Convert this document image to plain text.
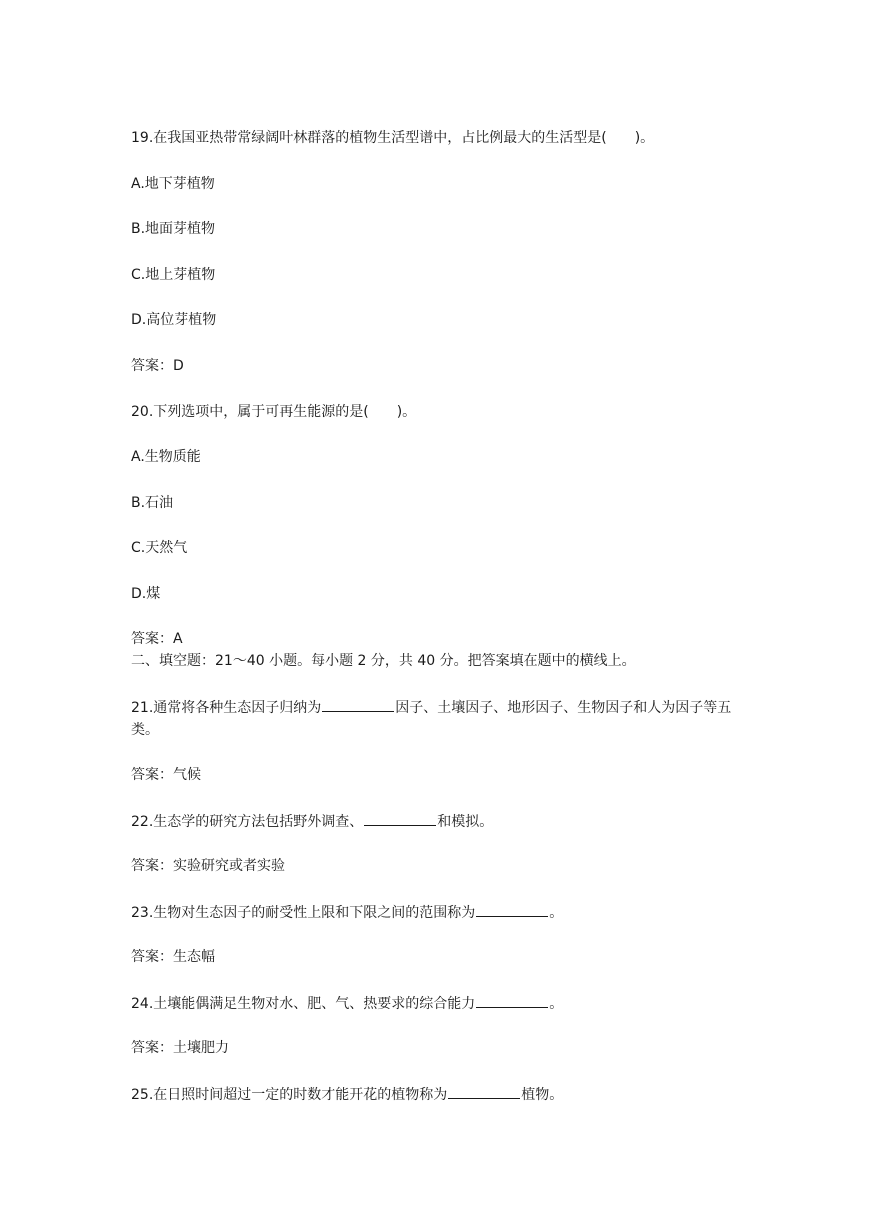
19.在我国亚热带常绿阔叶林群落的植物生活型谱中，占比例最大的生活型是(　　)。
A.地下芽植物
B.地面芽植物
C.地上芽植物
D.高位芽植物
答案：D
20.下列选项中，属于可再生能源的是(　　)。
A.生物质能
B.石油
C.天然气
D.煤
答案：A
二、填空题：21～40 小题。每小题 2 分，共 40 分。把答案填在题中的横线上。
21.通常将各种生态因子归纳为	因子、土壤因子、地形因子、生物因子和人为因子等五类。
答案：气候
22.生态学的研究方法包括野外调查、	和模拟。
答案：实验研究或者实验
23.生物对生态因子的耐受性上限和下限之间的范围称为	。
答案：生态幅
24.土壤能偶满足生物对水、肥、气、热要求的综合能力	。
答案：土壤肥力
25.在日照时间超过一定的时数才能开花的植物称为	植物。
